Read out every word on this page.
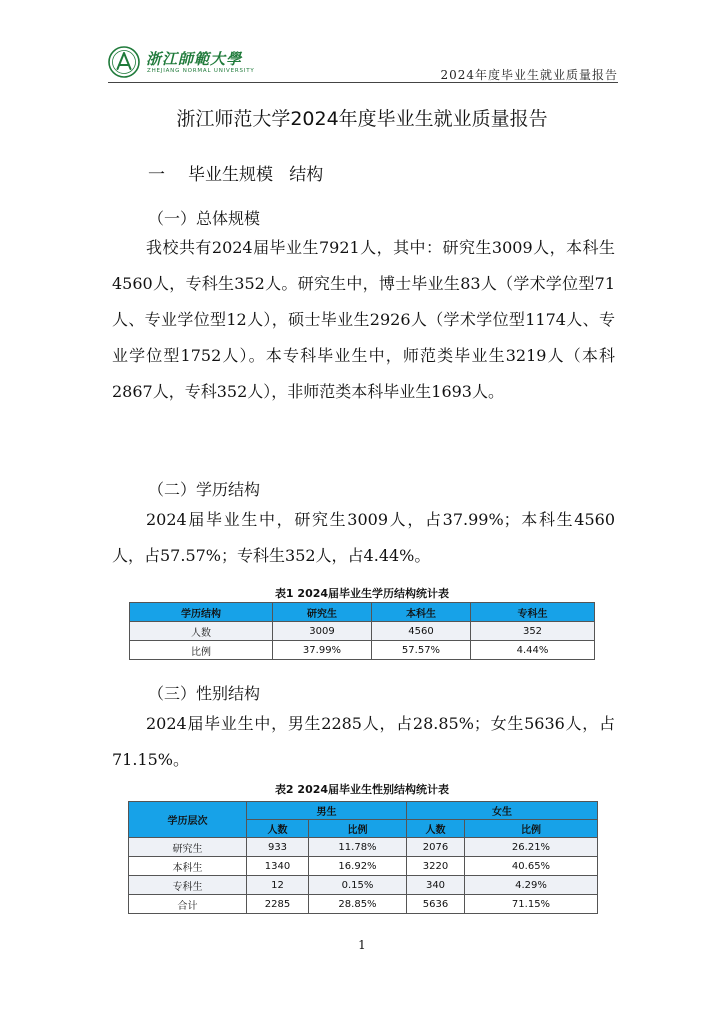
浙江師範大學
ZHEJIANG NORMAL UNIVERSITY	2024年度毕业生就业质量报告
浙江师范大学2024年度毕业生就业质量报告
一 毕业生规模   结构
（一）总体规模
我校共有2024届毕业生7921人，其中：研究生3009人，本科生4560人，专科生352人。研究生中，博士毕业生83人（学术学位型71人、专业学位型12人），硕士毕业生2926人（学术学位型1174人、专业学位型1752人）。本专科毕业生中，师范类毕业生3219人（本科2867人，专科352人），非师范类本科毕业生1693人。
（二）学历结构
2024届毕业生中，研究生3009人，占37.99%；本科生4560人，占57.57%；专科生352人，占4.44%。
表1 2024届毕业生学历结构统计表
学历结构	研究生	本科生	专科生
人数	3009	4560	352
比例	37.99%	57.57%	4.44%
（三）性别结构
2024届毕业生中，男生2285人，占28.85%；女生5636人，占71.15%。
表2 2024届毕业生性别结构统计表
学历层次	男生		女生	
	人数	比例	人数	比例
研究生	933	11.78%	2076	26.21%
本科生	1340	16.92%	3220	40.65%
专科生	12	0.15%	340	4.29%
合计	2285	28.85%	5636	71.15%
1
